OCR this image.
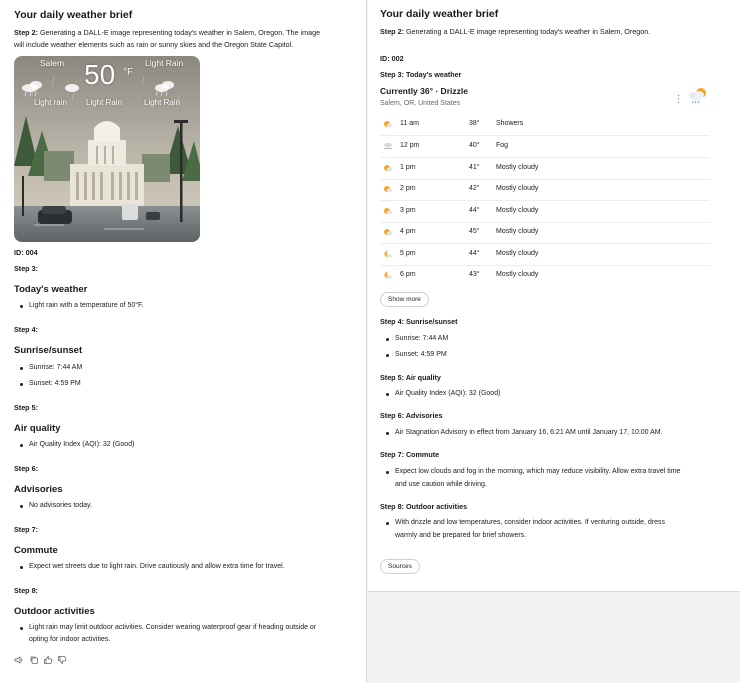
Your daily weather brief
Step 2: Generating a DALL-E image representing today's weather in Salem, Oregon. The image
will include weather elements such as rain or sunny skies and the Oregon State Capitol.
Salem 50 °F
Light Rain
Light rain Light Rain	Light Rain
ID: 004
Step 3:
Today's weather
Light rain with a temperature of 50°F.
Step 4:
Sunrise/sunset
Sunrise: 7:44 AM
Sunset: 4:59 PM
Step 5:
Air quality
Air Quality Index (AQI): 32 (Good)
Step 6:
Advisories
No advisories today.
Step 7:
Commute
Expect wet streets due to light rain. Drive cautiously and allow extra time for travel.
Step 8:
Outdoor activities
Light rain may limit outdoor activities. Consider wearing waterproof gear if heading outside or
opting for indoor activities.
Your daily weather brief
Step 2: Generating a DALL-E image representing today's weather in Salem, Oregon.
ID: 002
Step 3: Today's weather
Currently 36° · Drizzle
Salem, OR, United States
11 am	38° Showers
12 pm	40° Fog
1 pm	41° Mostly cloudy
2 pm	42° Mostly cloudy
3 pm	44° Mostly cloudy
4 pm	45° Mostly cloudy
5 pm	44° Mostly cloudy
6 pm	43° Mostly cloudy
Show more
Step 4: Sunrise/sunset
Sunrise: 7:44 AM
Sunset: 4:59 PM
Step 5: Air quality
Air Quality Index (AQI): 32 (Good)
Step 6: Advisories
Air Stagnation Advisory in effect from January 16, 6:21 AM until January 17, 10:00 AM.
Step 7: Commute
Expect low clouds and fog in the morning, which may reduce visibility. Allow extra travel time
and use caution while driving.
Step 8: Outdoor activities
With drizzle and low temperatures, consider indoor activities. If venturing outside, dress
warmly and be prepared for brief showers.
Sources
